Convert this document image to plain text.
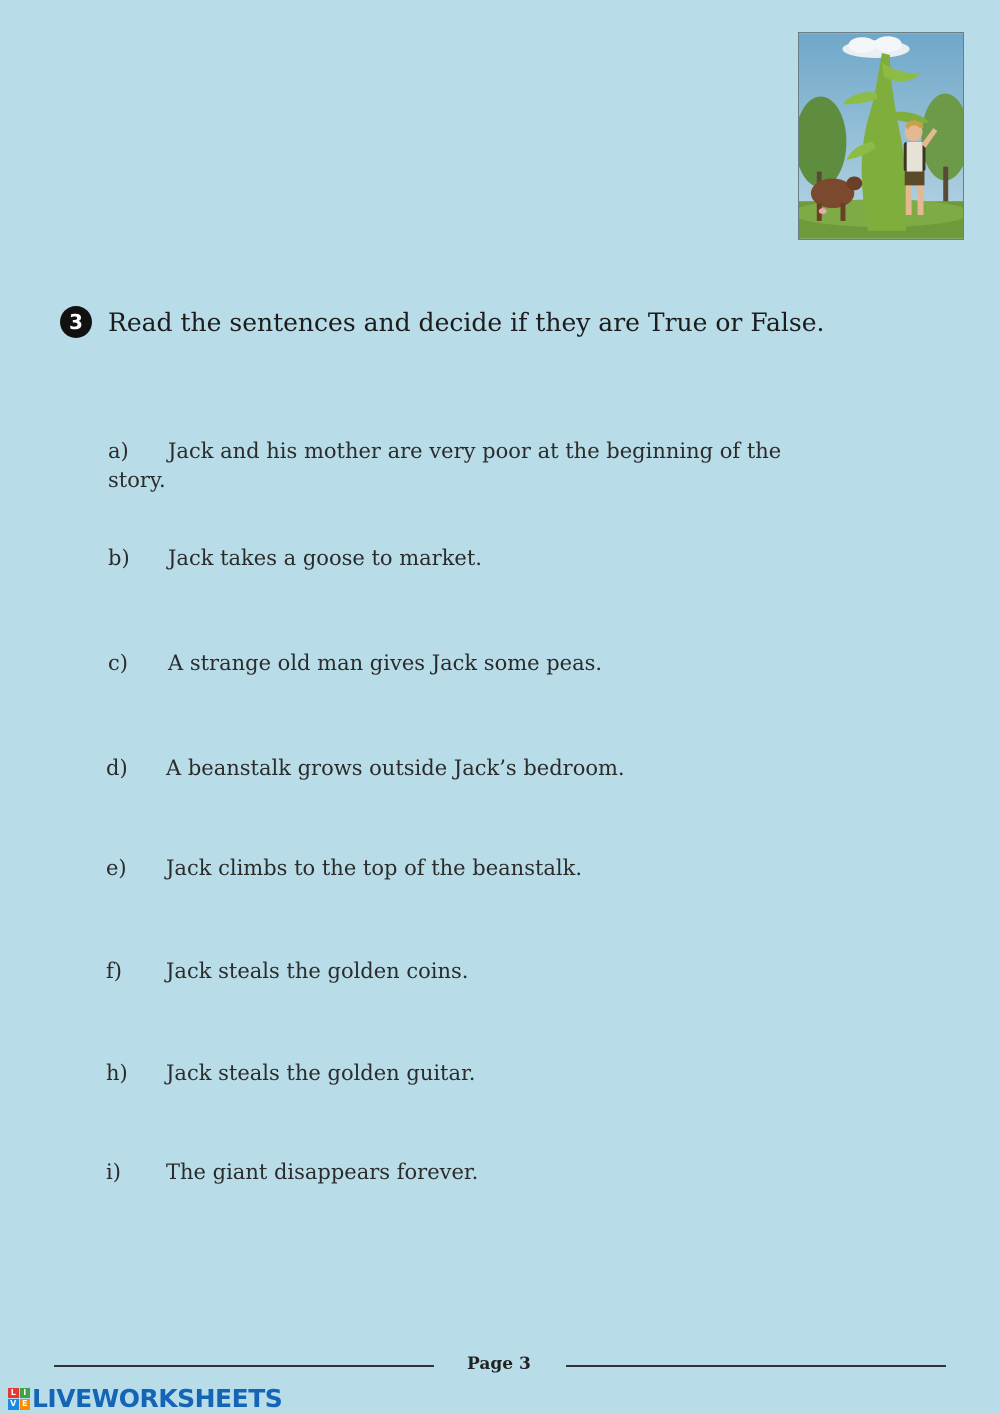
3	Read the sentences and decide if they are True or False.
a) Jack and his mother are very poor at the beginning of the
story.
b) Jack takes a goose to market.
c) A strange old man gives Jack some peas.
d) A beanstalk grows outside Jack’s bedroom.
e) Jack climbs to the top of the beanstalk.
f) Jack steals the golden coins.
h) Jack steals the golden guitar.
i) The giant disappears forever.
Page 3
L I
V E LIVEWORKSHEETS
